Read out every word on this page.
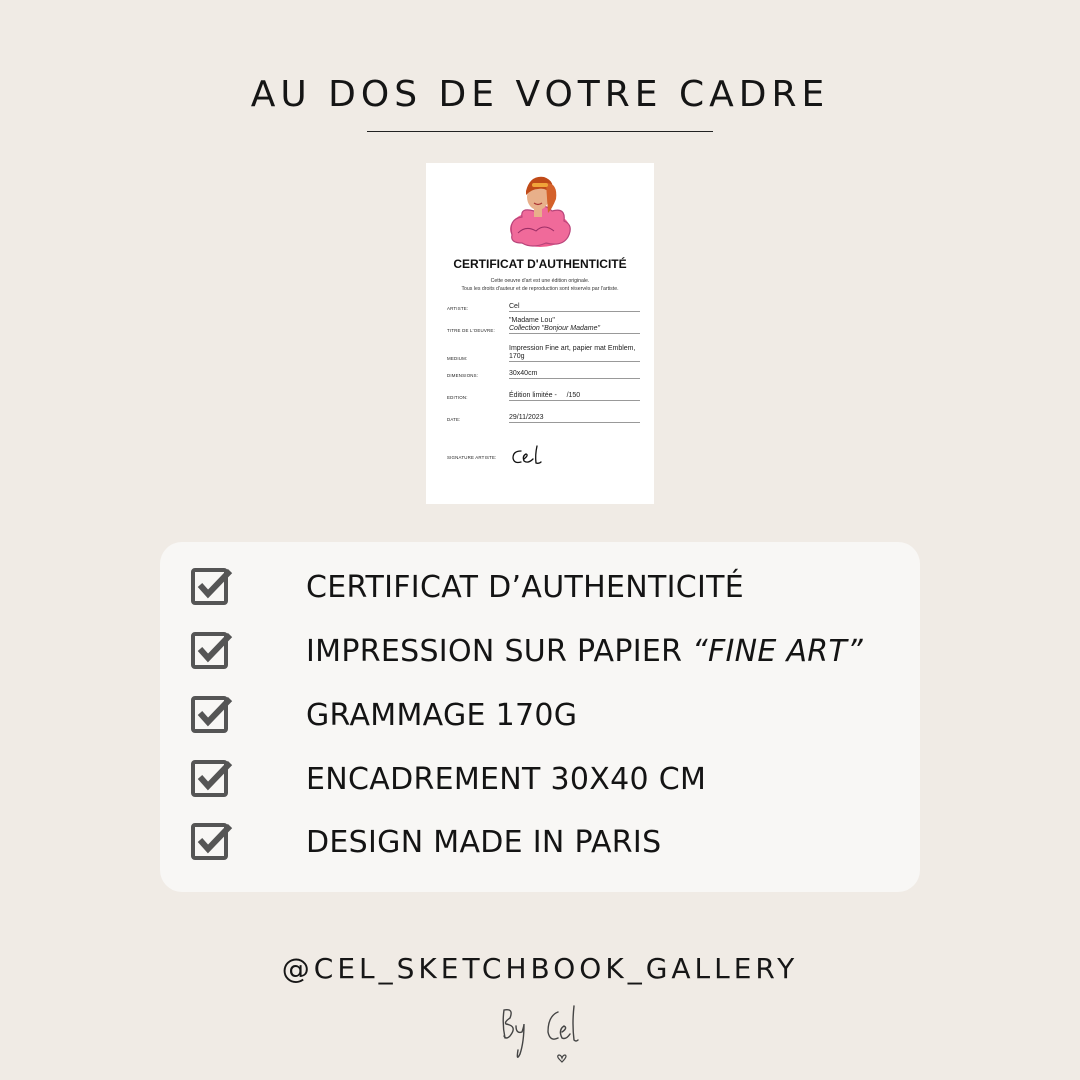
AU DOS DE VOTRE CADRE
CERTIFICAT D'AUTHENTICITÉ
Cette oeuvre d'art est une édition originale.
Tous les droits d'auteur et de reproduction sont réservés par l'artiste.
ARTISTE:	Cel
TITRE DE L'OEUVRE:
"Madame Lou"
Collection "Bonjour Madame"
MEDIUM:
Impression Fine art, papier mat Emblem,
170g
DIMENSIONS:	30x40cm
EDITION:	Édition limitée -     /150
DATE:	29/11/2023
SIGNATURE ARTISTE:
CERTIFICAT D’AUTHENTICITÉ
IMPRESSION SUR PAPIER “FINE ART”
GRAMMAGE 170G
ENCADREMENT 30X40 CM
DESIGN MADE IN PARIS
@CEL_SKETCHBOOK_GALLERY
